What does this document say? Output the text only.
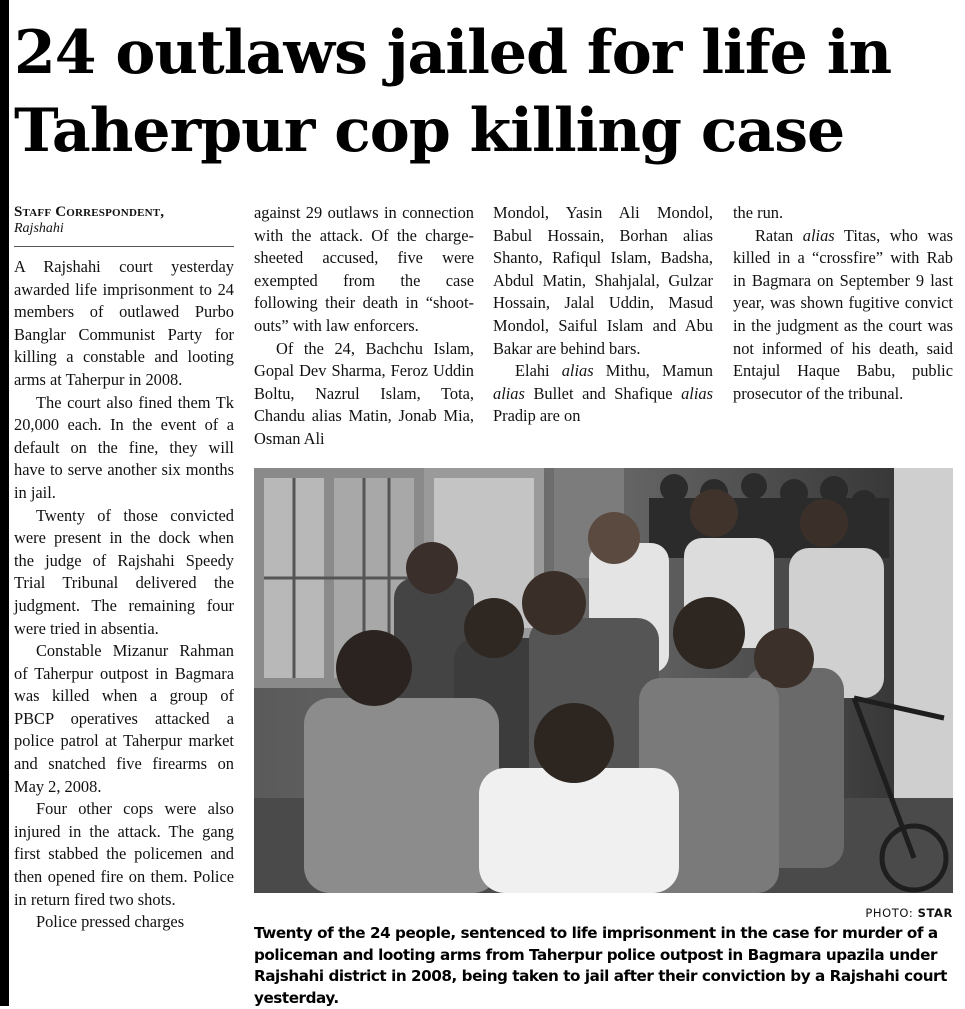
24 outlaws jailed for life in Taherpur cop killing case
Staff Correspondent,
Rajshahi

A Rajshahi court yesterday awarded life imprisonment to 24 members of outlawed Purbo Banglar Communist Party for killing a constable and looting arms at Taherpur in 2008.

The court also fined them Tk 20,000 each. In the event of a default on the fine, they will have to serve another six months in jail.

Twenty of those convicted were present in the dock when the judge of Rajshahi Speedy Trial Tribunal delivered the judgment. The remaining four were tried in absentia.

Constable Mizanur Rahman of Taherpur outpost in Bagmara was killed when a group of PBCP operatives attacked a police patrol at Taherpur market and snatched five firearms on May 2, 2008.

Four other cops were also injured in the attack. The gang first stabbed the policemen and then opened fire on them. Police in return fired two shots.

Police pressed charges

against 29 outlaws in connection with the attack. Of the charge-sheeted accused, five were exempted from the case following their death in “shoot-outs” with law enforcers.

Of the 24, Bachchu Islam, Gopal Dev Sharma, Feroz Uddin Boltu, Nazrul Islam, Tota, Chandu alias Matin, Jonab Mia, Osman Ali

Mondol, Yasin Ali Mondol, Babul Hossain, Borhan alias Shanto, Rafiqul Islam, Badsha, Abdul Matin, Shahjalal, Gulzar Hossain, Jalal Uddin, Masud Mondol, Saiful Islam and Abu Bakar are behind bars.

Elahi alias Mithu, Mamun alias Bullet and Shafique alias Pradip are on

the run.

Ratan alias Titas, who was killed in a “crossfire” with Rab in Bagmara on September 9 last year, was shown fugitive convict in the judgment as the court was not informed of his death, said Entajul Haque Babu, public prosecutor of the tribunal.

PHOTO: STAR
Twenty of the 24 people, sentenced to life imprisonment in the case for murder of a policeman and looting arms from Taherpur police outpost in Bagmara upazila under Rajshahi district in 2008, being taken to jail after their conviction by a Rajshahi court yesterday.
